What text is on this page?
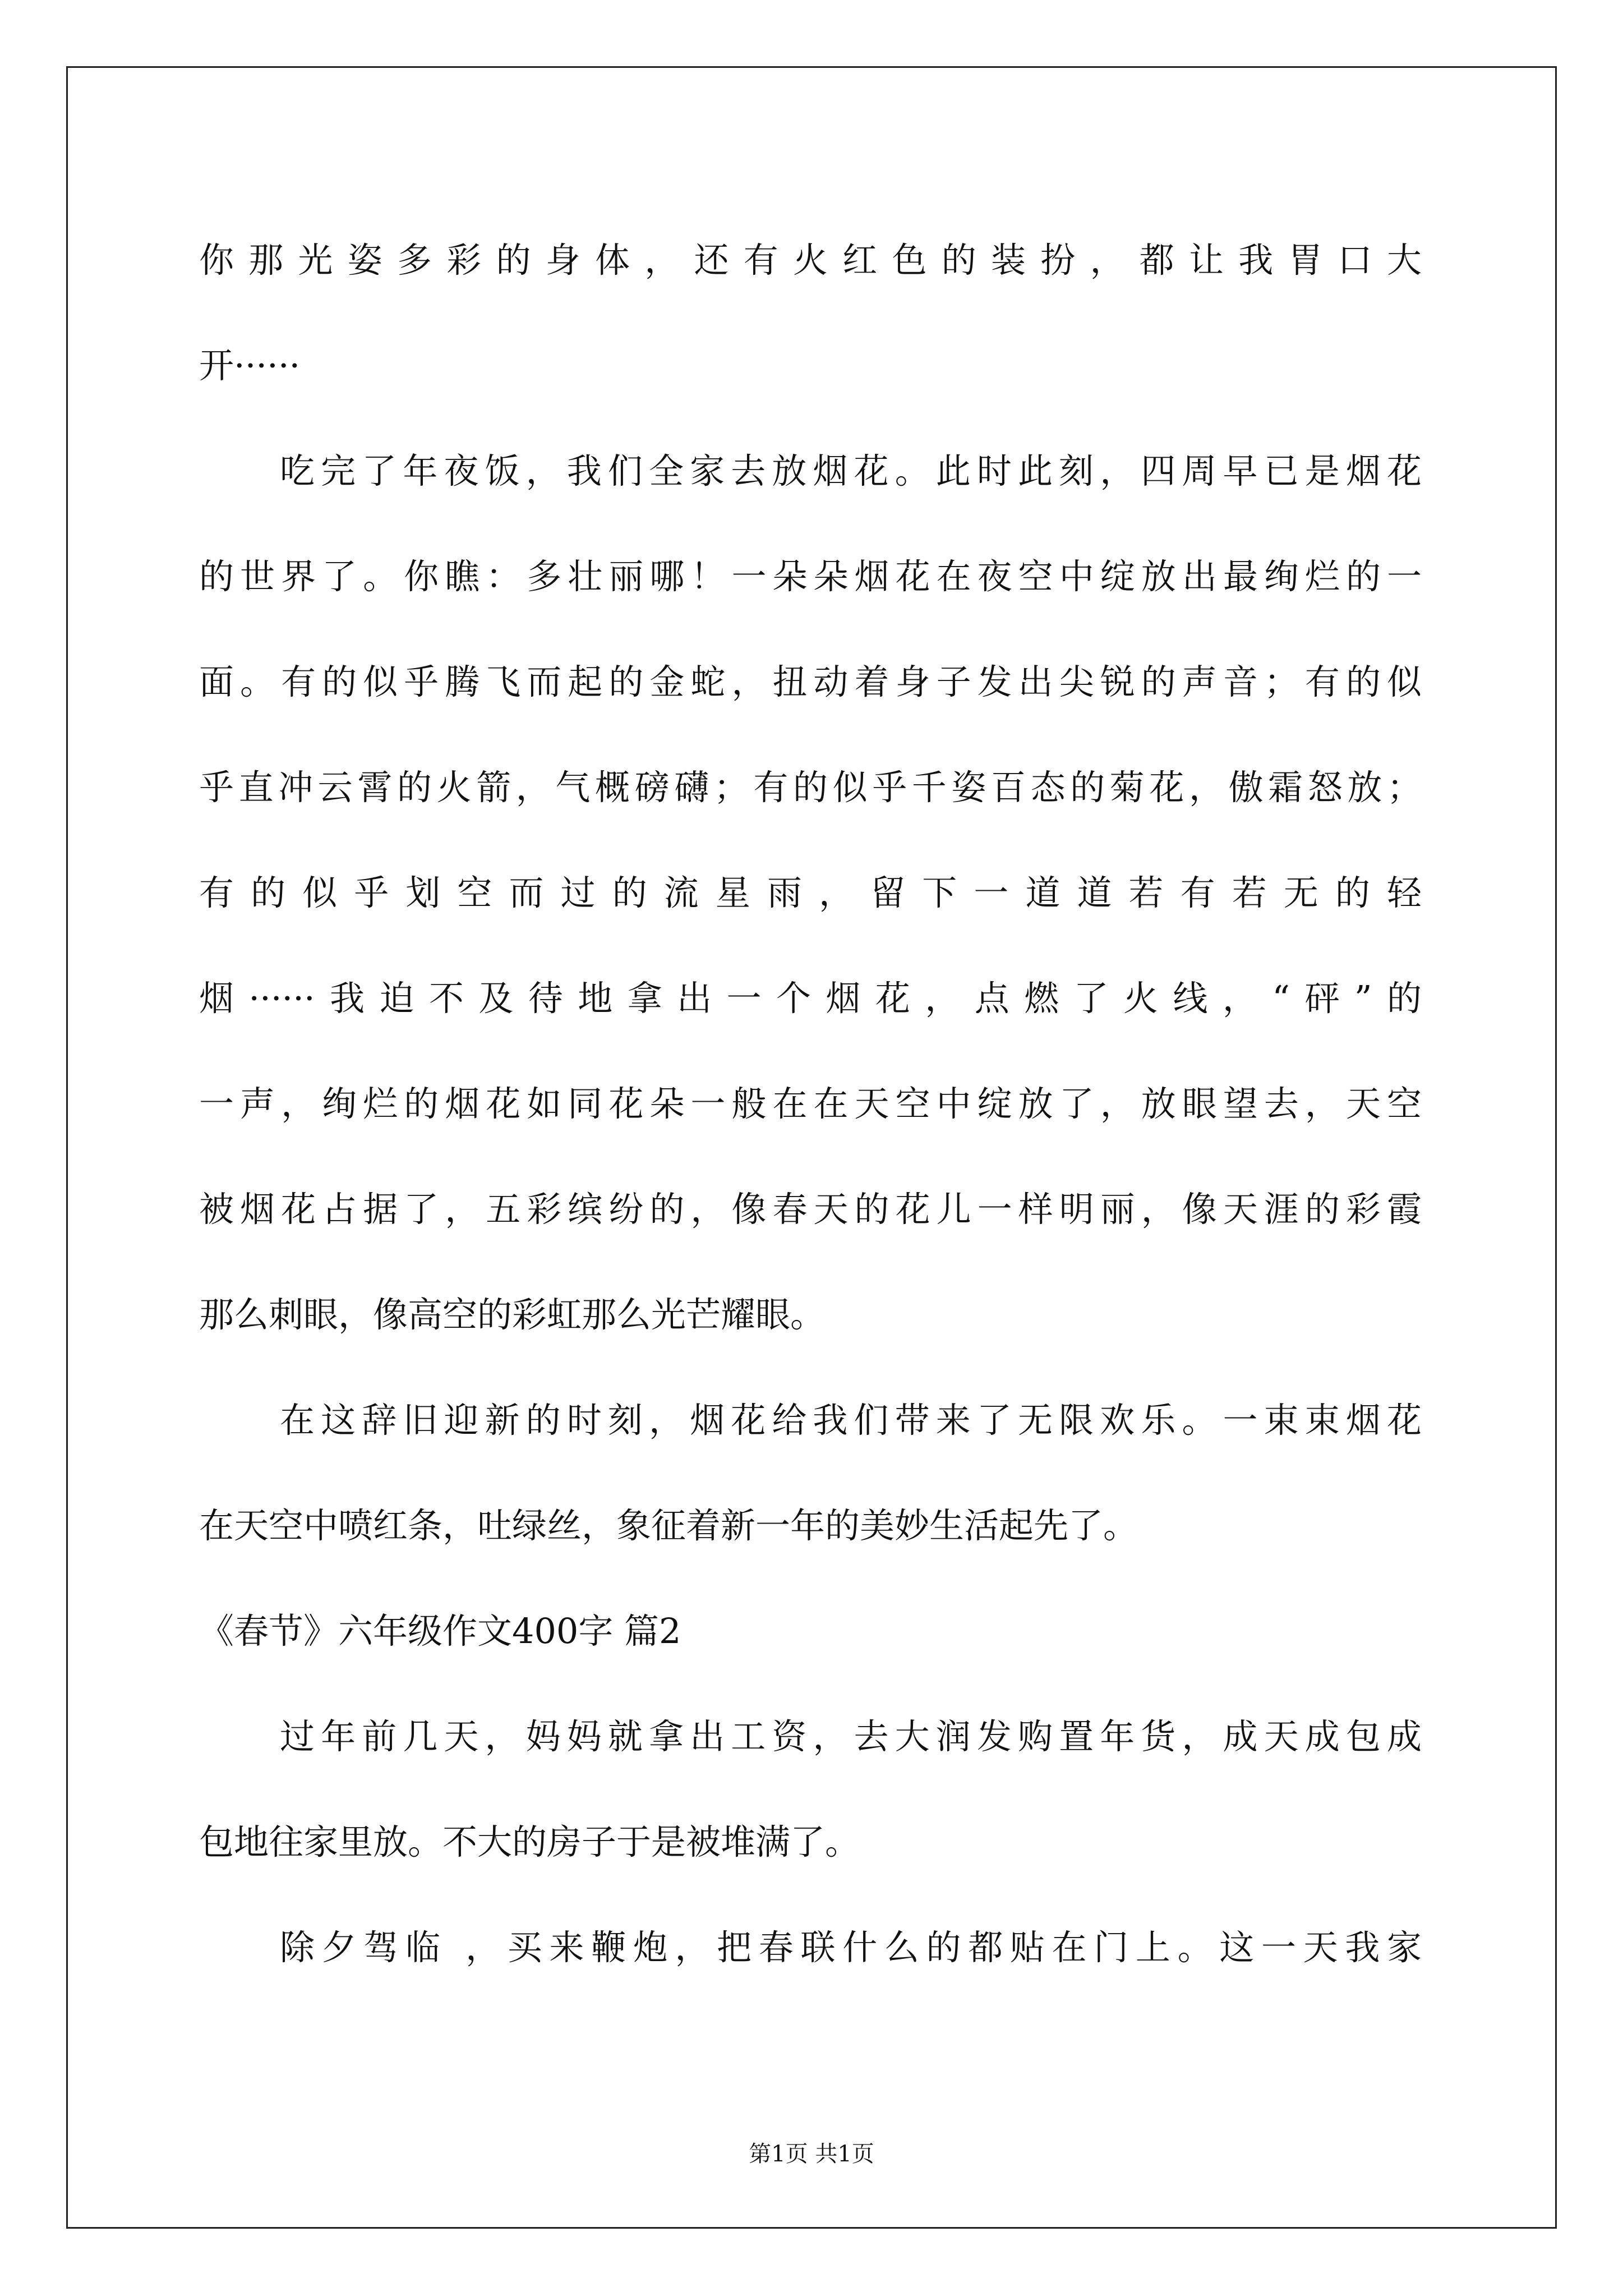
你那光姿多彩的身体，还有火红色的装扮，都让我胃口大
开······
吃完了年夜饭，我们全家去放烟花。此时此刻，四周早已是烟花
的世界了。你瞧：多壮丽哪！一朵朵烟花在夜空中绽放出最绚烂的一
面。有的似乎腾飞而起的金蛇，扭动着身子发出尖锐的声音；有的似
乎直冲云霄的火箭，气概磅礴；有的似乎千姿百态的菊花，傲霜怒放；
有的似乎划空而过的流星雨，留下一道道若有若无的轻
烟······我迫不及待地拿出一个烟花，点燃了火线，“砰”的
一声，绚烂的烟花如同花朵一般在在天空中绽放了，放眼望去，天空
被烟花占据了，五彩缤纷的，像春天的花儿一样明丽，像天涯的彩霞
那么刺眼，像高空的彩虹那么光芒耀眼。
在这辞旧迎新的时刻，烟花给我们带来了无限欢乐。一束束烟花
在天空中喷红条，吐绿丝，象征着新一年的美妙生活起先了。
《春节》六年级作文400字 篇2
过年前几天，妈妈就拿出工资，去大润发购置年货，成天成包成
包地往家里放。不大的房子于是被堆满了。
除夕驾临 ，买来鞭炮，把春联什么的都贴在门上。这一天我家
第1页 共1页
